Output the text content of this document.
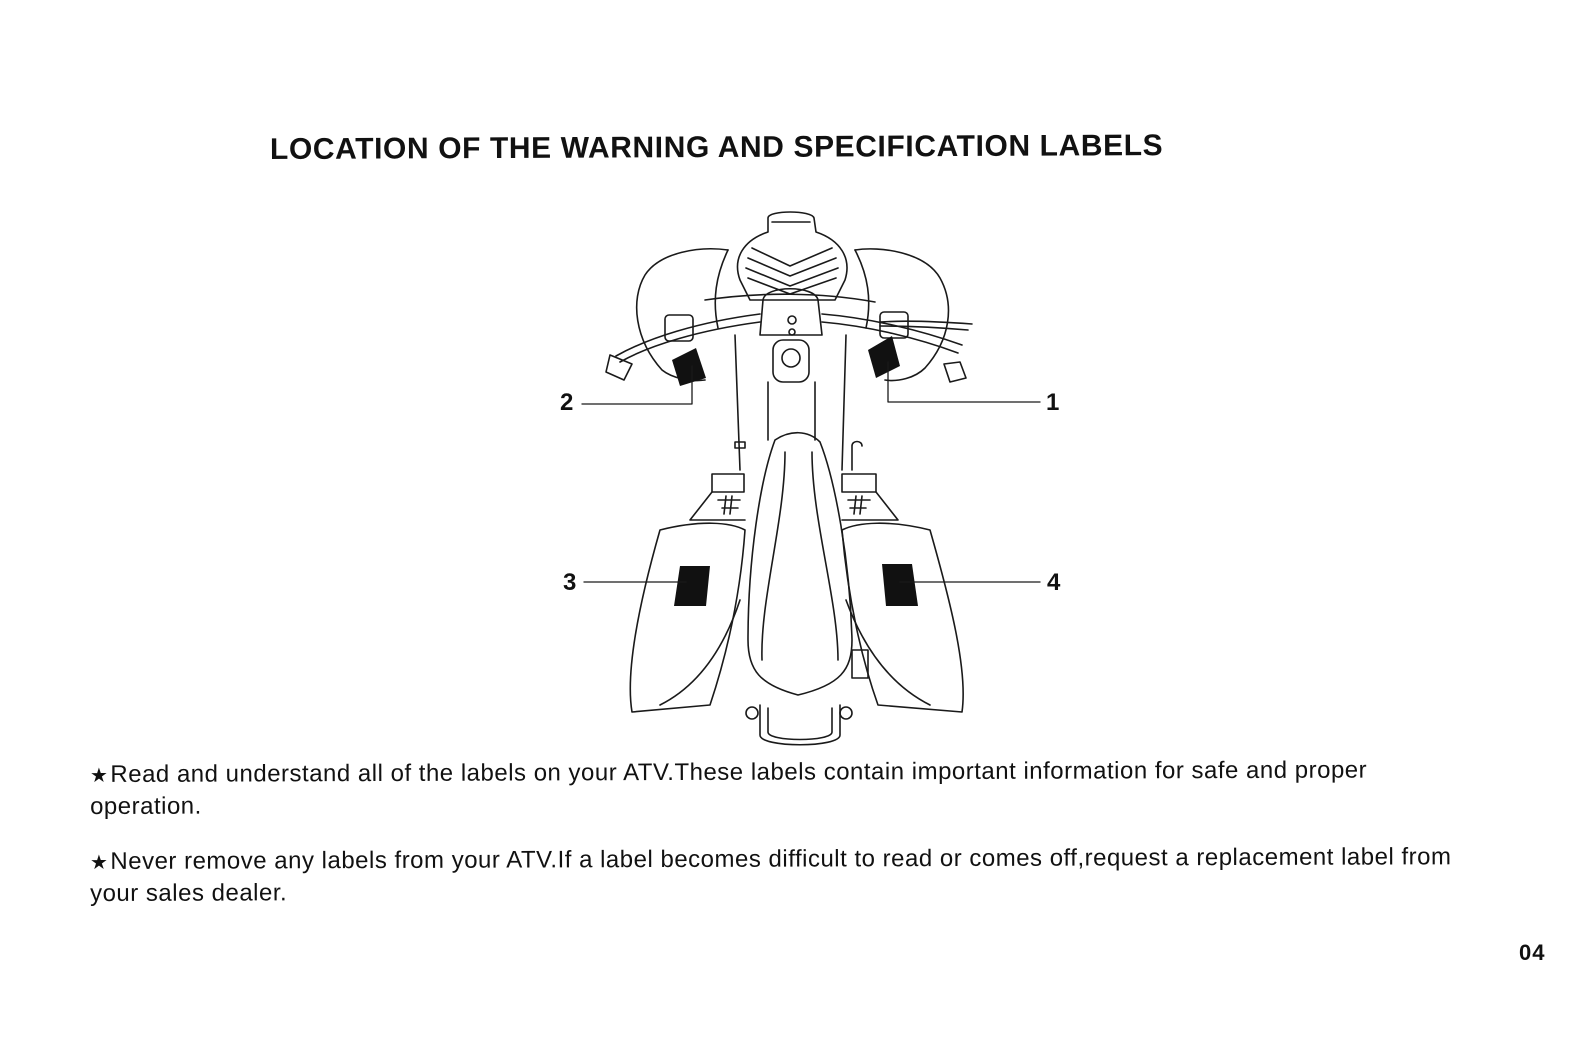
LOCATION OF THE WARNING AND SPECIFICATION LABELS
1
2
3	4
★Read and understand all of the labels on your ATV.These labels contain important information for safe and proper operation.
★Never remove any labels from your ATV.If a label becomes difficult to read or comes off,request a replacement label from your sales dealer.
04
